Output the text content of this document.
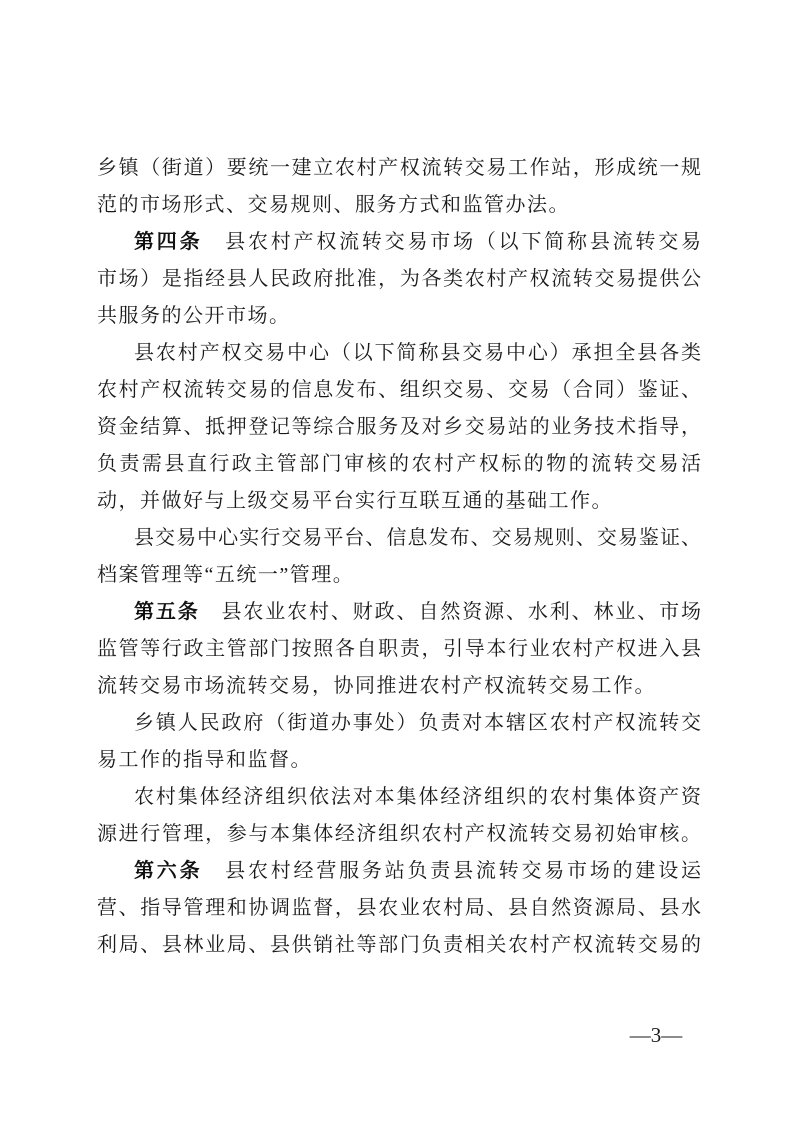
乡镇（街道）要统一建立农村产权流转交易工作站，形成统一规
范的市场形式、交易规则、服务方式和监管办法。
第四条　县农村产权流转交易市场（以下简称县流转交易
市场）是指经县人民政府批准，为各类农村产权流转交易提供公
共服务的公开市场。
县农村产权交易中心（以下简称县交易中心）承担全县各类
农村产权流转交易的信息发布、组织交易、交易（合同）鉴证、
资金结算、抵押登记等综合服务及对乡交易站的业务技术指导，
负责需县直行政主管部门审核的农村产权标的物的流转交易活
动，并做好与上级交易平台实行互联互通的基础工作。
县交易中心实行交易平台、信息发布、交易规则、交易鉴证、
档案管理等“五统一”管理。
第五条　县农业农村、财政、自然资源、水利、林业、市场
监管等行政主管部门按照各自职责，引导本行业农村产权进入县
流转交易市场流转交易，协同推进农村产权流转交易工作。
乡镇人民政府（街道办事处）负责对本辖区农村产权流转交
易工作的指导和监督。
农村集体经济组织依法对本集体经济组织的农村集体资产资
源进行管理，参与本集体经济组织农村产权流转交易初始审核。
第六条　县农村经营服务站负责县流转交易市场的建设运
营、指导管理和协调监督，县农业农村局、县自然资源局、县水
利局、县林业局、县供销社等部门负责相关农村产权流转交易的
—3—
